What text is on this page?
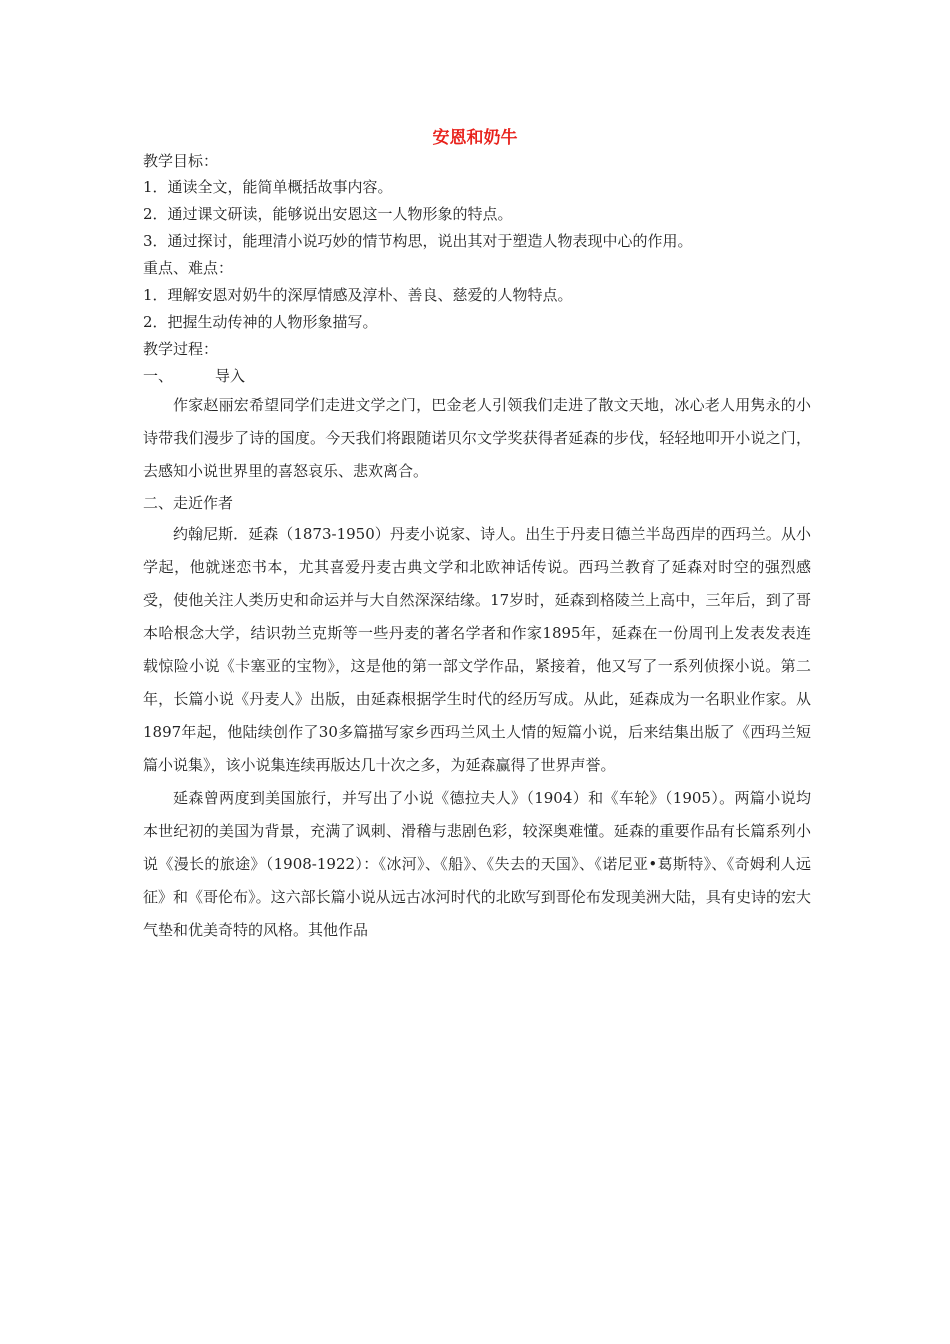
安恩和奶牛

教学目标：

1．通读全文，能简单概括故事内容。

2．通过课文研读，能够说出安恩这一人物形象的特点。

3．通过探讨，能理清小说巧妙的情节构思，说出其对于塑造人物表现中心的作用。

重点、难点：

1．理解安恩对奶牛的深厚情感及淳朴、善良、慈爱的人物特点。

2．把握生动传神的人物形象描写。

教学过程：

一、	导入

作家赵丽宏希望同学们走进文学之门，巴金老人引领我们走进了散文天地，冰心老人用隽永的小诗带我们漫步了诗的国度。今天我们将跟随诺贝尔文学奖获得者延森的步伐，轻轻地叩开小说之门，去感知小说世界里的喜怒哀乐、悲欢离合。

二、走近作者

约翰尼斯．延森（1873-1950）丹麦小说家、诗人。出生于丹麦日德兰半岛西岸的西玛兰。从小学起，他就迷恋书本，尤其喜爱丹麦古典文学和北欧神话传说。西玛兰教育了延森对时空的强烈感受，使他关注人类历史和命运并与大自然深深结缘。17岁时，延森到格陵兰上高中，三年后，到了哥本哈根念大学，结识勃兰克斯等一些丹麦的著名学者和作家1895年，延森在一份周刊上发表发表连载惊险小说《卡塞亚的宝物》，这是他的第一部文学作品，紧接着，他又写了一系列侦探小说。第二年，长篇小说《丹麦人》出版，由延森根据学生时代的经历写成。从此，延森成为一名职业作家。从1897年起，他陆续创作了30多篇描写家乡西玛兰风土人情的短篇小说，后来结集出版了《西玛兰短篇小说集》，该小说集连续再版达几十次之多，为延森赢得了世界声誉。

延森曾两度到美国旅行，并写出了小说《德拉夫人》（1904）和《车轮》（1905）。两篇小说均本世纪初的美国为背景，充满了讽刺、滑稽与悲剧色彩，较深奥难懂。延森的重要作品有长篇系列小说《漫长的旅途》（1908-1922）：《冰河》、《船》、《失去的天国》、《诺尼亚•葛斯特》、《奇姆利人远征》和《哥伦布》。这六部长篇小说从远古冰河时代的北欧写到哥伦布发现美洲大陆，具有史诗的宏大气垫和优美奇特的风格。其他作品
